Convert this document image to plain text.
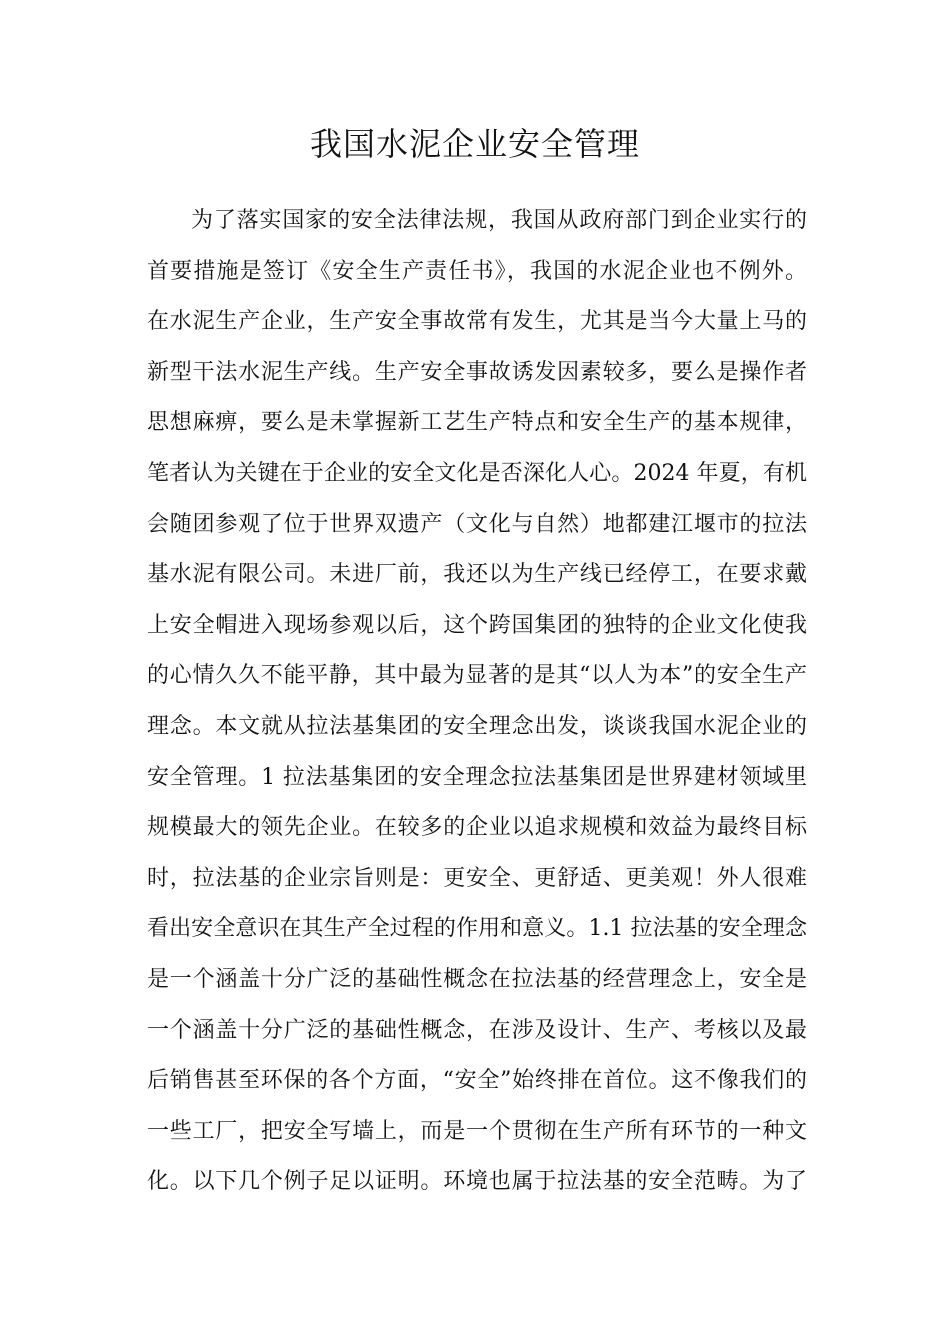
我国水泥企业安全管理
为了落实国家的安全法律法规，我国从政府部门到企业实行的
首要措施是签订《安全生产责任书》，我国的水泥企业也不例外。
在水泥生产企业，生产安全事故常有发生，尤其是当今大量上马的
新型干法水泥生产线。生产安全事故诱发因素较多，要么是操作者
思想麻痹，要么是未掌握新工艺生产特点和安全生产的基本规律，
笔者认为关键在于企业的安全文化是否深化人心。2024 年夏，有机
会随团参观了位于世界双遗产（文化与自然）地都建江堰市的拉法
基水泥有限公司。未进厂前，我还以为生产线已经停工，在要求戴
上安全帽进入现场参观以后，这个跨国集团的独特的企业文化使我
的心情久久不能平静，其中最为显著的是其“以人为本”的安全生产
理念。本文就从拉法基集团的安全理念出发，谈谈我国水泥企业的
安全管理。1 拉法基集团的安全理念拉法基集团是世界建材领域里
规模最大的领先企业。在较多的企业以追求规模和效益为最终目标
时，拉法基的企业宗旨则是：更安全、更舒适、更美观！外人很难
看出安全意识在其生产全过程的作用和意义。1.1 拉法基的安全理念
是一个涵盖十分广泛的基础性概念在拉法基的经营理念上，安全是
一个涵盖十分广泛的基础性概念，在涉及设计、生产、考核以及最
后销售甚至环保的各个方面，“安全”始终排在首位。这不像我们的
一些工厂，把安全写墙上，而是一个贯彻在生产所有环节的一种文
化。以下几个例子足以证明。环境也属于拉法基的安全范畴。为了
